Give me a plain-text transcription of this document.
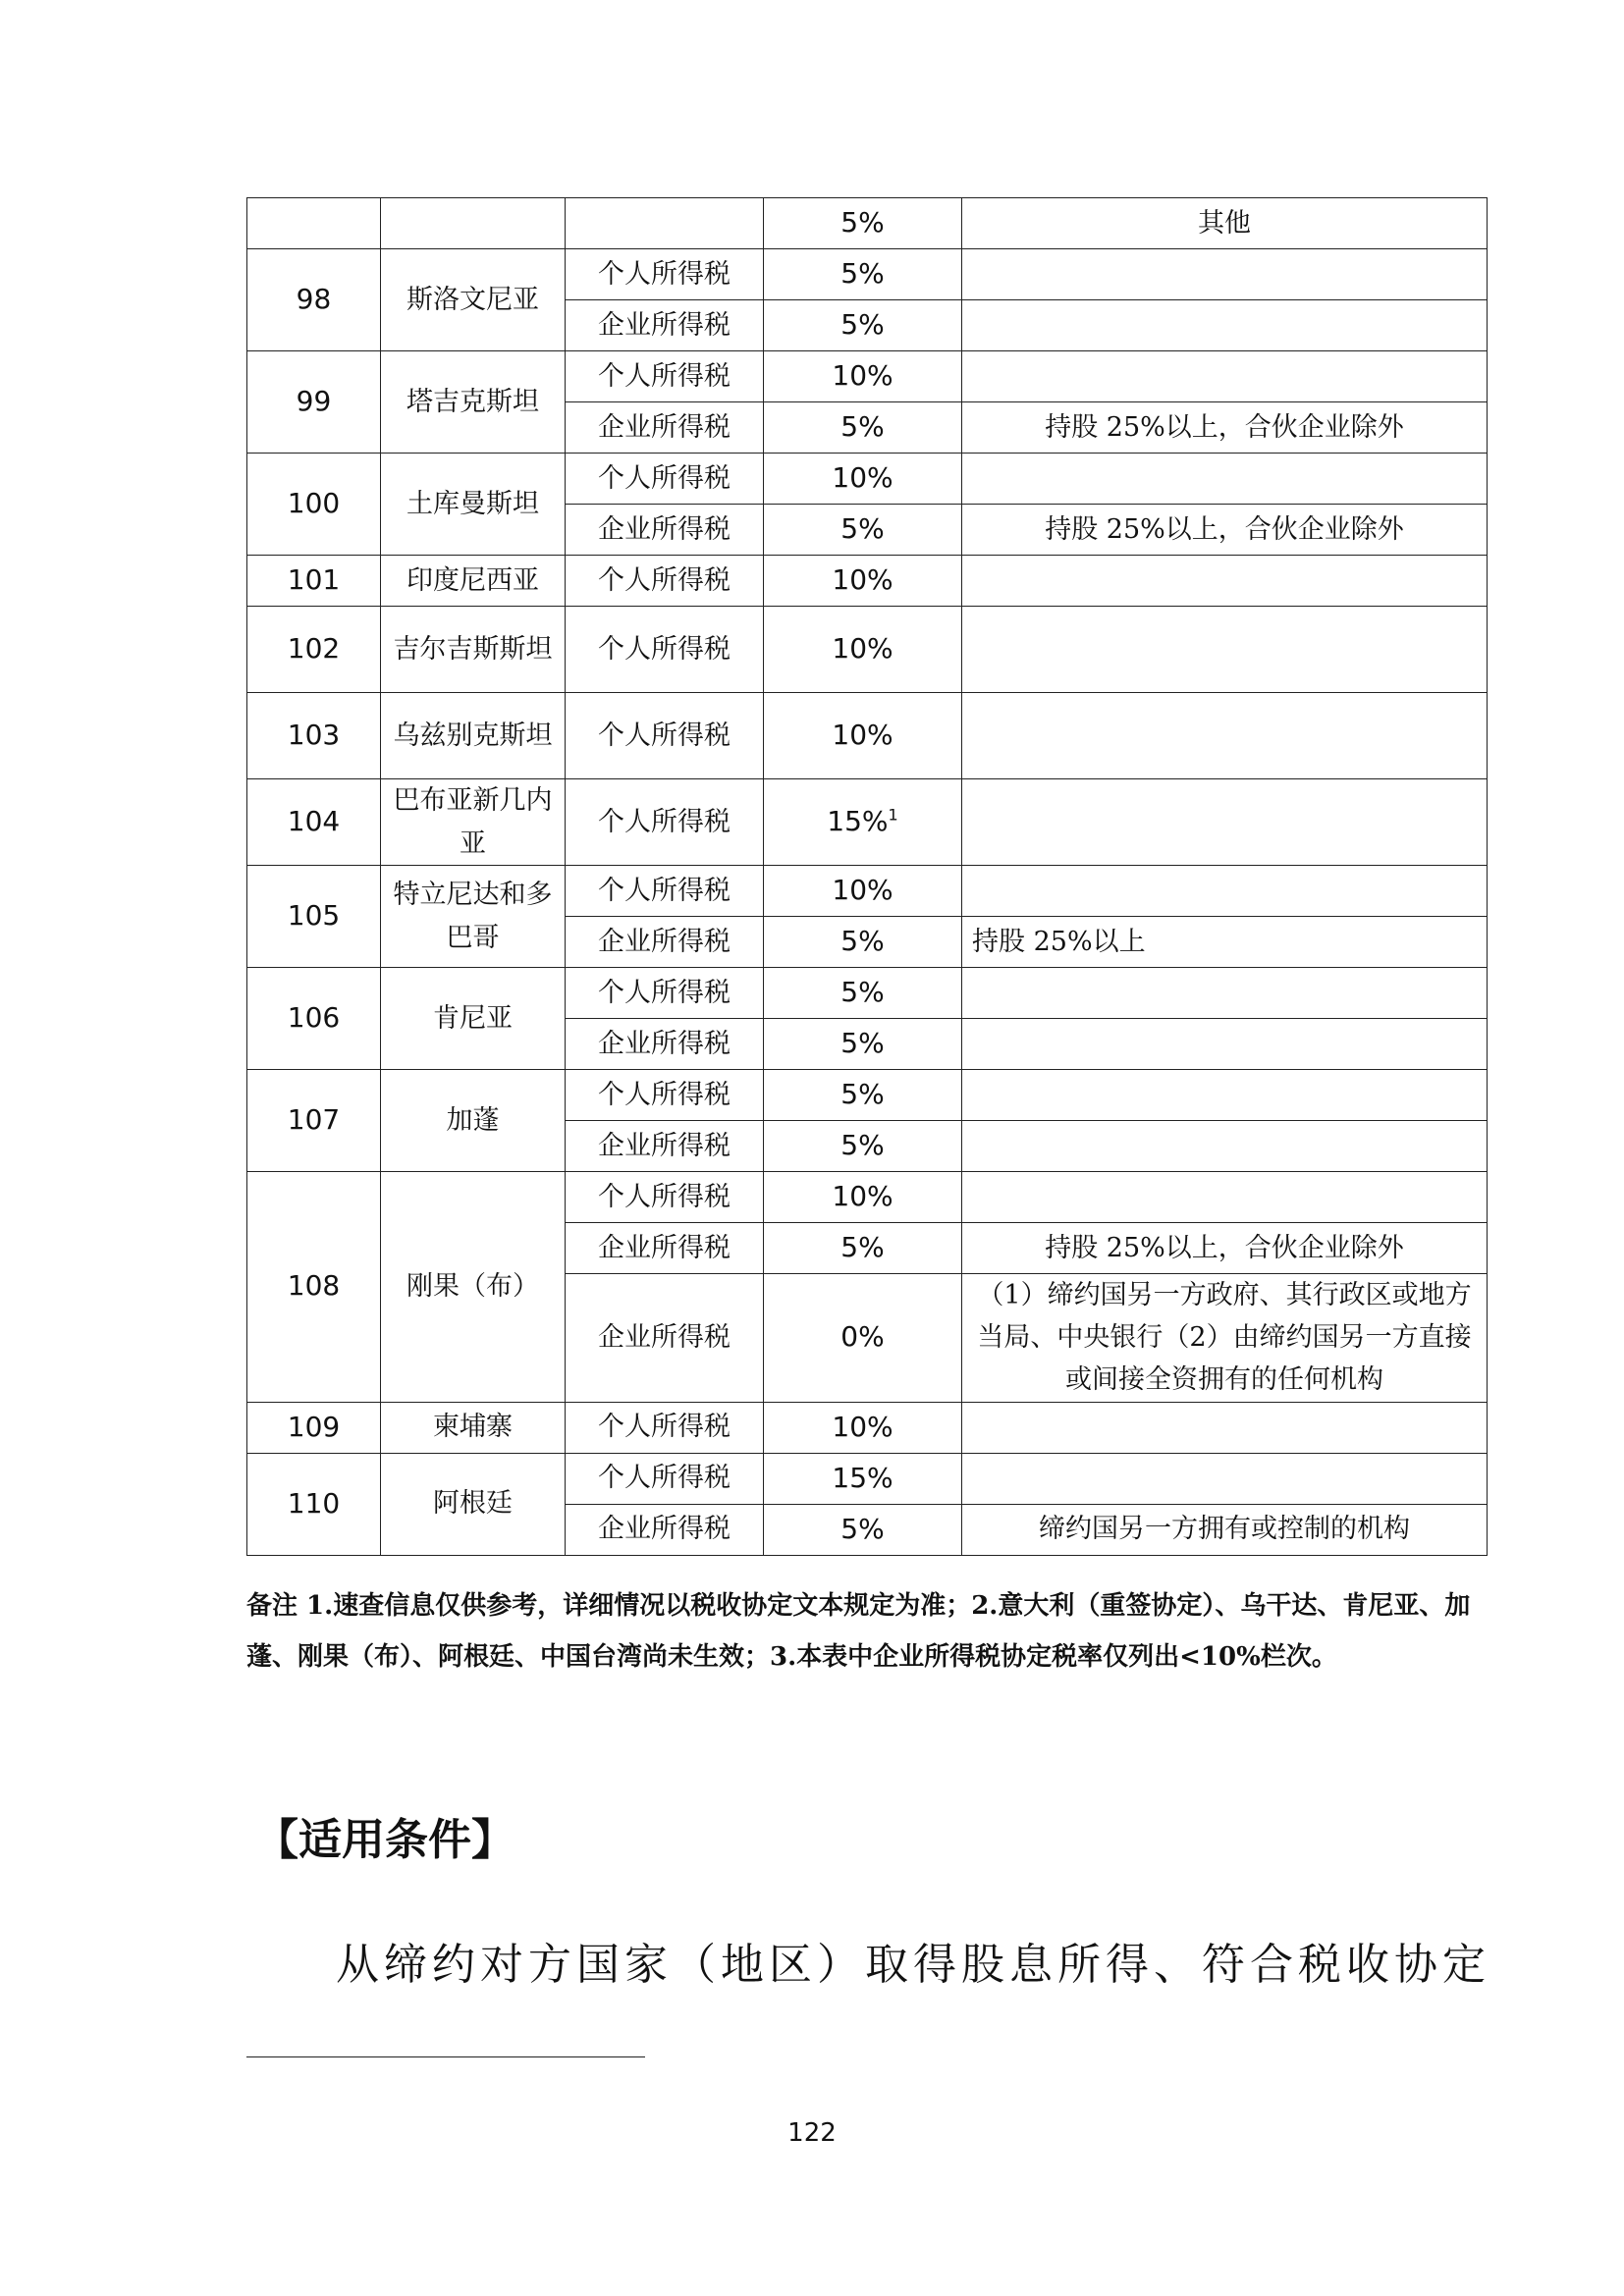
			5%	其他
98	斯洛文尼亚	个人所得税	5%	
		企业所得税	5%	
99	塔吉克斯坦	个人所得税	10%	
		企业所得税	5%	持股 25%以上，合伙企业除外
100	土库曼斯坦	个人所得税	10%	
		企业所得税	5%	持股 25%以上，合伙企业除外
101	印度尼西亚	个人所得税	10%	
102	吉尔吉斯斯坦	个人所得税	10%	
103	乌兹别克斯坦	个人所得税	10%	
104	巴布亚新几内亚	个人所得税	15%$^1$	
105	特立尼达和多巴哥	个人所得税	10%	
		企业所得税	5%	持股 25%以上
106	肯尼亚	个人所得税	5%	
		企业所得税	5%	
107	加蓬	个人所得税	5%	
		企业所得税	5%	
108	刚果（布）	个人所得税	10%	
		企业所得税	5%	持股 25%以上，合伙企业除外
		企业所得税	0%	（1）缔约国另一方政府、其行政区或地方当局、中央银行（2）由缔约国另一方直接或间接全资拥有的任何机构
109	柬埔寨	个人所得税	10%	
110	阿根廷	个人所得税	15%	
		企业所得税	5%	缔约国另一方拥有或控制的机构

备注 1.速查信息仅供参考，详细情况以税收协定文本规定为准；2.意大利（重签协定）、乌干达、肯尼亚、加蓬、刚果（布）、阿根廷、中国台湾尚未生效；3.本表中企业所得税协定税率仅列出<10%栏次。

【适用条件】

从缔约对方国家（地区）取得股息所得、符合税收协定

122
